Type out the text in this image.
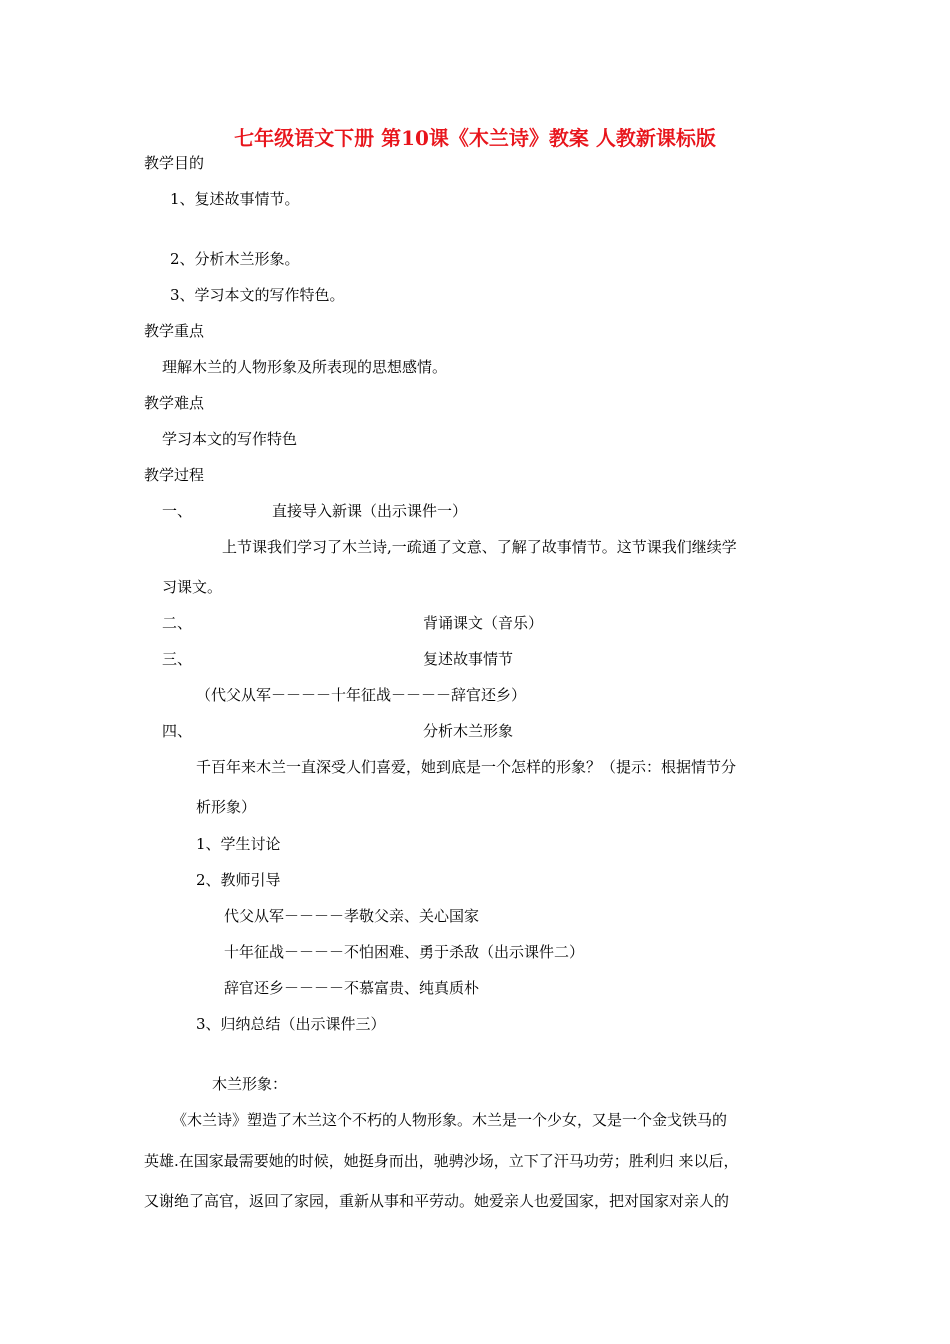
七年级语文下册 第10课《木兰诗》教案 人教新课标版
教学目的
1、复述故事情节。
2、分析木兰形象。
3、学习本文的写作特色。
教学重点
理解木兰的人物形象及所表现的思想感情。
教学难点
学习本文的写作特色
教学过程
一、	直接导入新课（出示课件一）
上节课我们学习了木兰诗,一疏通了文意、了解了故事情节。这节课我们继续学
习课文。
二、	背诵课文（音乐）
三、	复述故事情节
（代父从军－－－－十年征战－－－－辞官还乡）
四、	分析木兰形象
千百年来木兰一直深受人们喜爱，她到底是一个怎样的形象？（提示：根据情节分
析形象）
1、学生讨论
2、教师引导
代父从军－－－－孝敬父亲、关心国家
十年征战－－－－不怕困难、勇于杀敌（出示课件二）
辞官还乡－－－－不慕富贵、纯真质朴
3、归纳总结（出示课件三）
木兰形象：
《木兰诗》塑造了木兰这个不朽的人物形象。木兰是一个少女，又是一个金戈铁马的
英雄.在国家最需要她的时候，她挺身而出，驰骋沙场，立下了汗马功劳；胜利归 来以后，
又谢绝了高官，返回了家园，重新从事和平劳动。她爱亲人也爱国家，把对国家对亲人的
